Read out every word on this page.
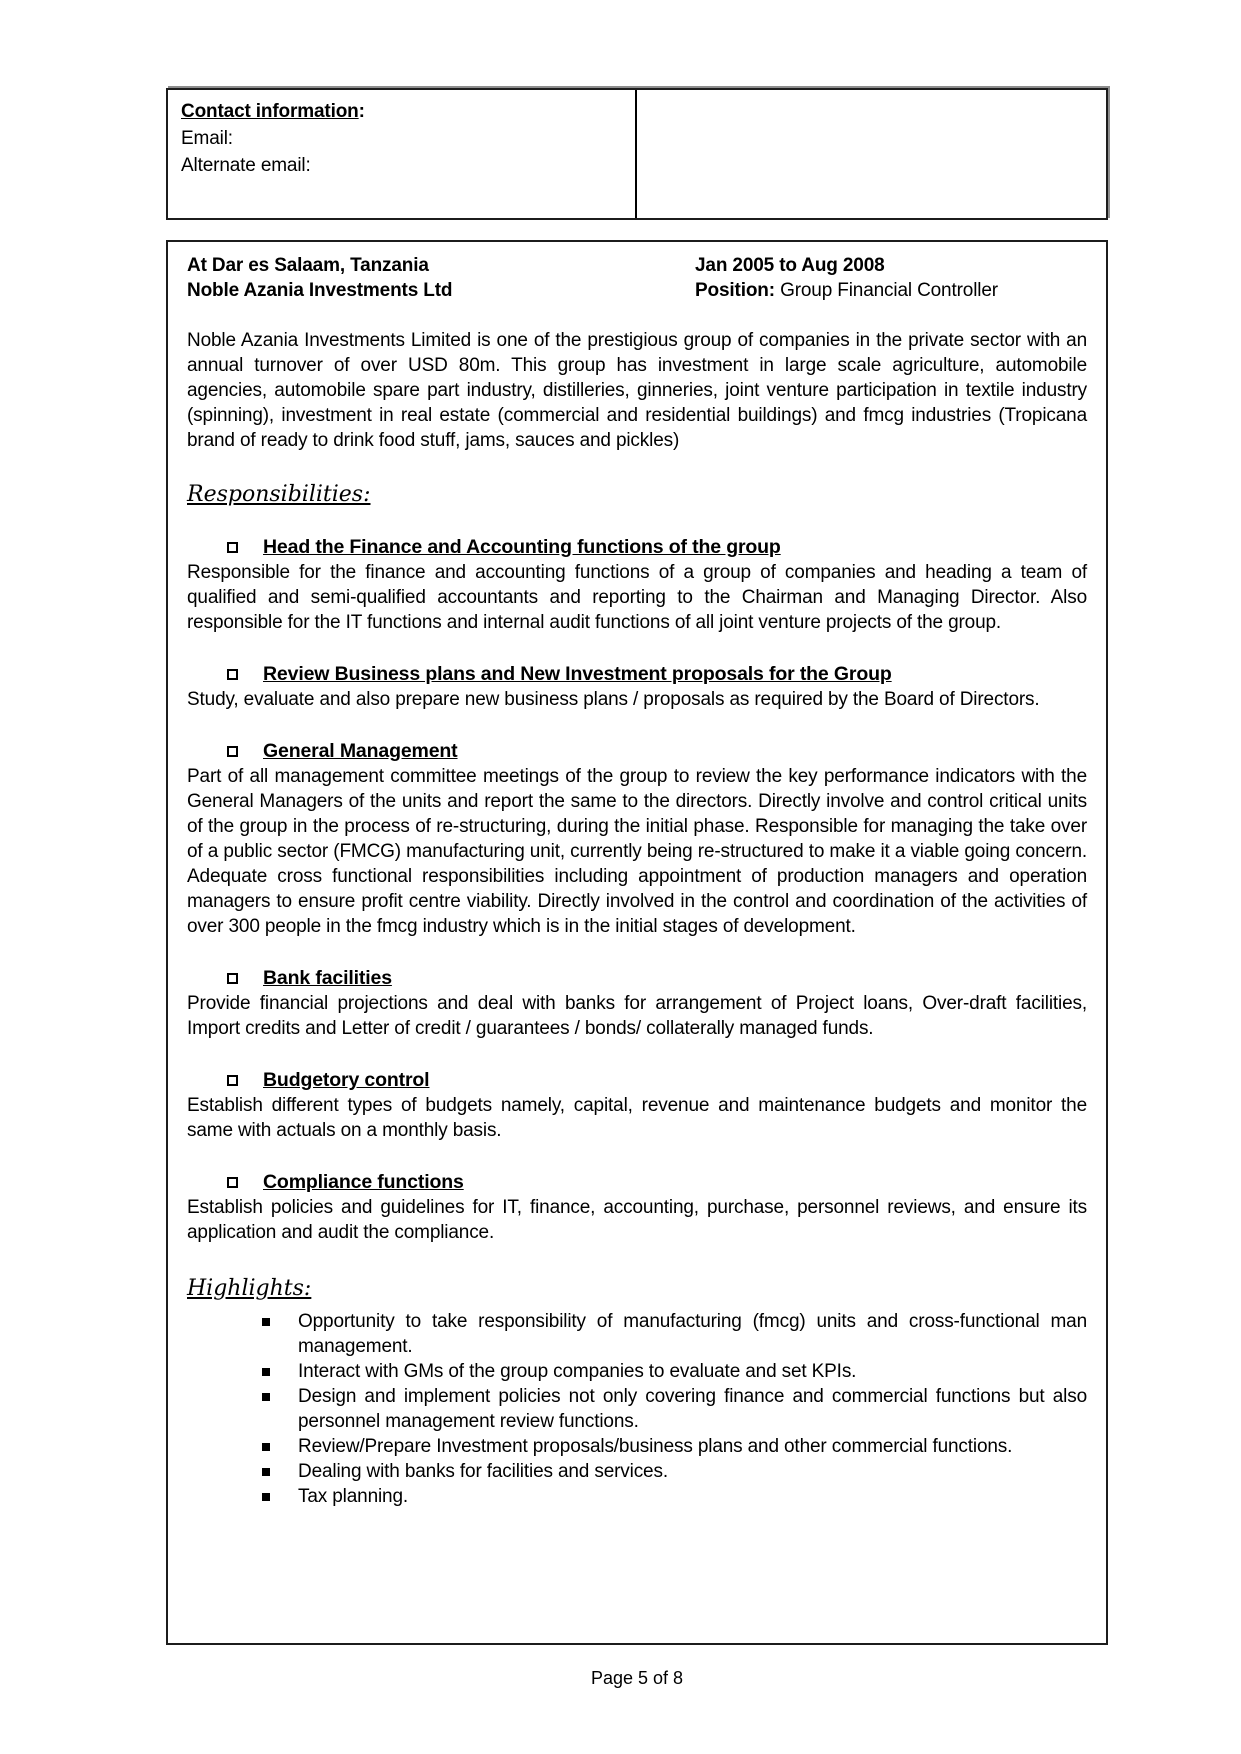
Contact information:
Email:
Alternate email:
At Dar es Salaam, Tanzania	Jan 2005 to Aug 2008
Noble Azania Investments Ltd	Position: Group Financial Controller

Noble Azania Investments Limited is one of the prestigious group of companies in the private sector with an annual turnover of over USD 80m. This group has investment in large scale agriculture, automobile agencies, automobile spare part industry, distilleries, ginneries, joint venture participation in textile industry (spinning), investment in real estate (commercial and residential buildings) and fmcg industries (Tropicana brand of ready to drink food stuff, jams, sauces and pickles)

Responsibilities:
Head the Finance and Accounting functions of the group
Responsible for the finance and accounting functions of a group of companies and heading a team of qualified and semi-qualified accountants and reporting to the Chairman and Managing Director. Also responsible for the IT functions and internal audit functions of all joint venture projects of the group.
Review Business plans and New Investment proposals for the Group
Study, evaluate and also prepare new business plans / proposals as required by the Board of Directors.
General Management
Part of all management committee meetings of the group to review the key performance indicators with the General Managers of the units and report the same to the directors. Directly involve and control critical units of the group in the process of re-structuring, during the initial phase. Responsible for managing the take over of a public sector (FMCG) manufacturing unit, currently being re-structured to make it a viable going concern. Adequate cross functional responsibilities including appointment of production managers and operation managers to ensure profit centre viability. Directly involved in the control and coordination of the activities of over 300 people in the fmcg industry which is in the initial stages of development.
Bank facilities
Provide financial projections and deal with banks for arrangement of Project loans, Over-draft facilities, Import credits and Letter of credit / guarantees / bonds/ collaterally managed funds.
Budgetory control
Establish different types of budgets namely, capital, revenue and maintenance budgets and monitor the same with actuals on a monthly basis.
Compliance functions
Establish policies and guidelines for IT, finance, accounting, purchase, personnel reviews, and ensure its application and audit the compliance.
Highlights:
Opportunity to take responsibility of manufacturing (fmcg) units and cross-functional man management.
Interact with GMs of the group companies to evaluate and set KPIs.
Design and implement policies not only covering finance and commercial functions but also personnel management review functions.
Review/Prepare Investment proposals/business plans and other commercial functions.
Dealing with banks for facilities and services.
Tax planning.
Page 5 of 8
